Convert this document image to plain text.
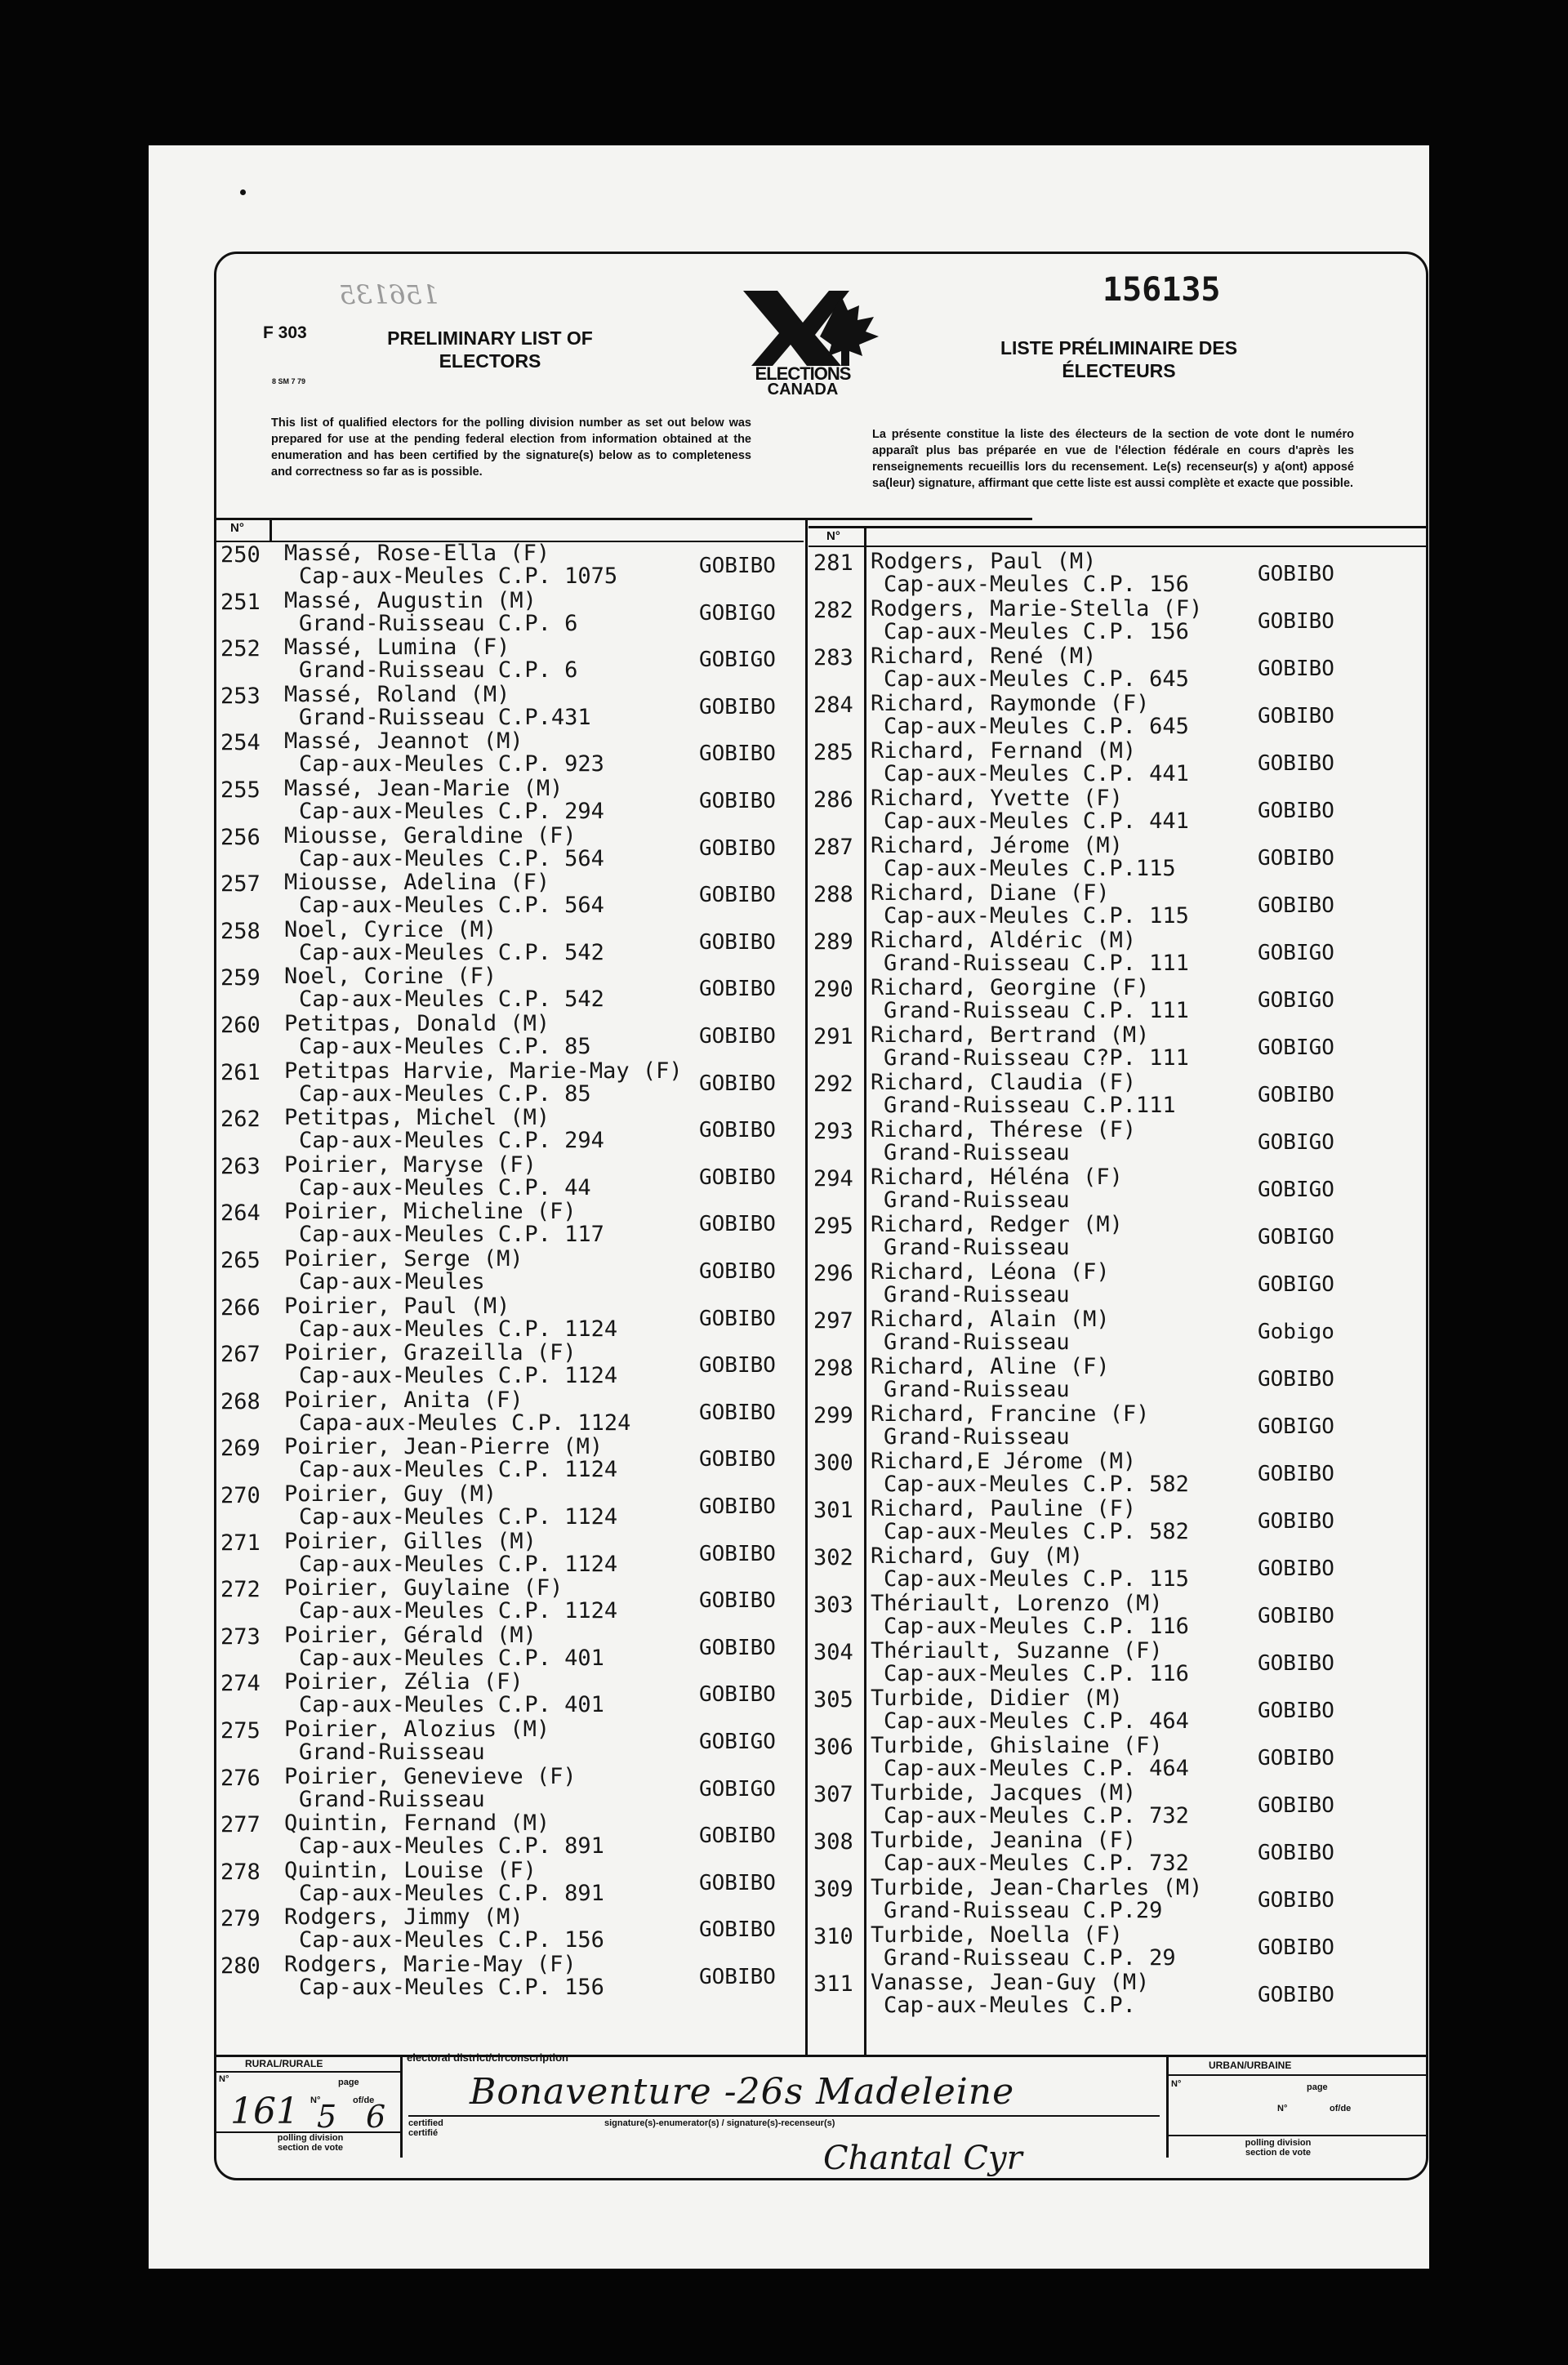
156135	156135
F 303
8 SM 7 79
PRELIMINARY LIST OF
ELECTORS
ELECTIONS
CANADA
LISTE PRÉLIMINAIRE DES
ÉLECTEURS
This list of qualified electors for the polling division number as set out below was prepared for use at the pending federal election from information obtained at the enumeration and has been certified by the signature(s) below as to completeness and correctness so far as is possible.
La présente constitue la liste des électeurs de la section de vote dont le numéro apparaît plus bas préparée en vue de l'élection fédérale en cours d'après les renseignements recueillis lors du recensement. Le(s) recenseur(s) y a(ont) apposé sa(leur) signature, affirmant que cette liste est aussi complète et exacte que possible.
N°
N°
250 Massé, Rose-Ella (F)
Cap-aux-Meules C.P. 1075	GOBIBO
251 Massé, Augustin (M)
Grand-Ruisseau C.P. 6	GOBIGO
252 Massé, Lumina (F)
Grand-Ruisseau C.P. 6	GOBIGO
253 Massé, Roland (M)
Grand-Ruisseau C.P.431	GOBIBO
254 Massé, Jeannot (M)
Cap-aux-Meules C.P. 923	GOBIBO
255 Massé, Jean-Marie (M)
Cap-aux-Meules C.P. 294	GOBIBO
256 Miousse, Geraldine (F)
Cap-aux-Meules C.P. 564	GOBIBO
257 Miousse, Adelina (F)
Cap-aux-Meules C.P. 564	GOBIBO
258 Noel, Cyrice (M)
Cap-aux-Meules C.P. 542	GOBIBO
259 Noel, Corine (F)
Cap-aux-Meules C.P. 542	GOBIBO
260 Petitpas, Donald (M)
Cap-aux-Meules C.P. 85	GOBIBO
261 Petitpas Harvie, Marie-May (F)
Cap-aux-Meules C.P. 85	GOBIBO
262 Petitpas, Michel (M)
Cap-aux-Meules C.P. 294	GOBIBO
263 Poirier, Maryse (F)
Cap-aux-Meules C.P. 44	GOBIBO
264 Poirier, Micheline (F)
Cap-aux-Meules C.P. 117	GOBIBO
265 Poirier, Serge (M)
Cap-aux-Meules	GOBIBO
266 Poirier, Paul (M)
Cap-aux-Meules C.P. 1124	GOBIBO
267 Poirier, Grazeilla (F)
Cap-aux-Meules C.P. 1124	GOBIBO
268 Poirier, Anita (F)
Capa-aux-Meules C.P. 1124	GOBIBO
269 Poirier, Jean-Pierre (M)
Cap-aux-Meules C.P. 1124	GOBIBO
270 Poirier, Guy (M)
Cap-aux-Meules C.P. 1124	GOBIBO
271 Poirier, Gilles (M)
Cap-aux-Meules C.P. 1124	GOBIBO
272 Poirier, Guylaine (F)
Cap-aux-Meules C.P. 1124	GOBIBO
273 Poirier, Gérald (M)
Cap-aux-Meules C.P. 401	GOBIBO
274 Poirier, Zélia (F)
Cap-aux-Meules C.P. 401	GOBIBO
275 Poirier, Alozius (M)
Grand-Ruisseau	GOBIGO
276 Poirier, Genevieve (F)
Grand-Ruisseau	GOBIGO
277 Quintin, Fernand (M)
Cap-aux-Meules C.P. 891	GOBIBO
278 Quintin, Louise (F)
Cap-aux-Meules C.P. 891	GOBIBO
279 Rodgers, Jimmy (M)
Cap-aux-Meules C.P. 156	GOBIBO
280 Rodgers, Marie-May (F)
Cap-aux-Meules C.P. 156	GOBIBO
281 Rodgers, Paul (M)
Cap-aux-Meules C.P. 156	GOBIBO
282 Rodgers, Marie-Stella (F)
Cap-aux-Meules C.P. 156	GOBIBO
283 Richard, René (M)
Cap-aux-Meules C.P. 645	GOBIBO
284 Richard, Raymonde (F)
Cap-aux-Meules C.P. 645	GOBIBO
285 Richard, Fernand (M)
Cap-aux-Meules C.P. 441	GOBIBO
286 Richard, Yvette (F)
Cap-aux-Meules C.P. 441	GOBIBO
287 Richard, Jérome (M)
Cap-aux-Meules C.P.115	GOBIBO
288 Richard, Diane (F)
Cap-aux-Meules C.P. 115	GOBIBO
289 Richard, Aldéric (M)
Grand-Ruisseau C.P. 111	GOBIGO
290 Richard, Georgine (F)
Grand-Ruisseau C.P. 111	GOBIGO
291 Richard, Bertrand (M)
Grand-Ruisseau C?P. 111	GOBIGO
292 Richard, Claudia (F)
Grand-Ruisseau C.P.111	GOBIBO
293 Richard, Thérese (F)
Grand-Ruisseau	GOBIGO
294 Richard, Héléna (F)
Grand-Ruisseau	GOBIGO
295 Richard, Redger (M)
Grand-Ruisseau	GOBIGO
296 Richard, Léona (F)
Grand-Ruisseau	GOBIGO
297 Richard, Alain (M)
Grand-Ruisseau	Gobigo
298 Richard, Aline (F)
Grand-Ruisseau	GOBIBO
299 Richard, Francine (F)
Grand-Ruisseau	GOBIGO
300 Richard,E Jérome (M)
Cap-aux-Meules C.P. 582	GOBIBO
301 Richard, Pauline (F)
Cap-aux-Meules C.P. 582	GOBIBO
302 Richard, Guy (M)
Cap-aux-Meules C.P. 115	GOBIBO
303 Thériault, Lorenzo (M)
Cap-aux-Meules C.P. 116	GOBIBO
304 Thériault, Suzanne (F)
Cap-aux-Meules C.P. 116	GOBIBO
305 Turbide, Didier (M)
Cap-aux-Meules C.P. 464	GOBIBO
306 Turbide, Ghislaine (F)
Cap-aux-Meules C.P. 464	GOBIBO
307 Turbide, Jacques (M)
Cap-aux-Meules C.P. 732	GOBIBO
308 Turbide, Jeanina (F)
Cap-aux-Meules C.P. 732	GOBIBO
309 Turbide, Jean-Charles (M)
Grand-Ruisseau C.P.29	GOBIBO
310 Turbide, Noella (F)
Grand-Ruisseau C.P. 29	GOBIBO
311 Vanasse, Jean-Guy (M)
Cap-aux-Meules C.P.	GOBIBO
RURAL/RURALE	URBAN/URBAINE
electoral district/circonscription
N°	page
N°	of/de
N°	page
N°	of/de
polling division
section de vote	polling division
section de vote
certified
certifié
signature(s)-enumerator(s) / signature(s)-recenseur(s)
161 5 6
Bonaventure -26s Madeleine
Chantal Cyr
